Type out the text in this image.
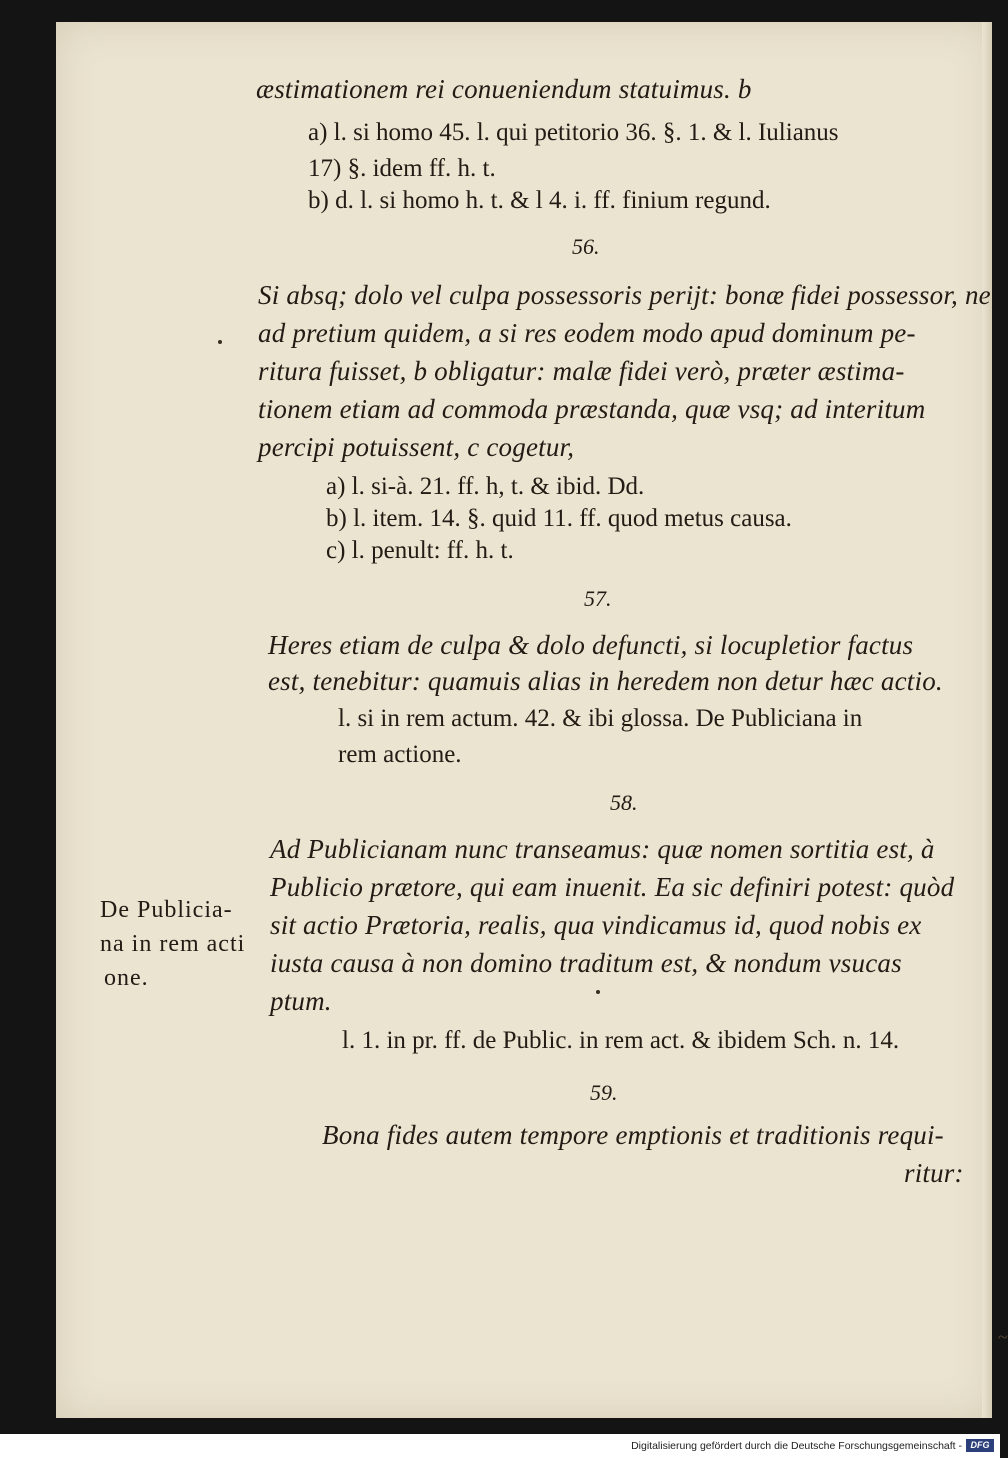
æstimationem rei conueniendum statuimus. b
a) l. si homo 45. l. qui petitorio 36. §. 1. & l. Iulianus
17) §. idem ff. h. t.
b) d. l. si homo h. t. & l 4. i. ff. finium regund.
56.
Si absq; dolo vel culpa possessoris perijt: bonæ fidei possessor, ne
ad pretium quidem, a si res eodem modo apud dominum pe-
ritura fuisset, b obligatur: malæ fidei verò, præter æstima-
tionem etiam ad commoda præstanda, quæ vsq; ad interitum
percipi potuissent, c cogetur,
a) l. si-à. 21. ff. h, t. & ibid. Dd.
b) l. item. 14. §. quid 11. ff. quod metus causa.
c) l. penult: ff. h. t.
57.
Heres etiam de culpa & dolo defuncti, si locupletior factus
est, tenebitur: quamuis alias in heredem non detur hæc actio.
l. si in rem actum. 42. & ibi glossa. De Publiciana in
rem actione.
58.
Ad Publicianam nunc transeamus: quæ nomen sortitia est, à
Publicio prætore, qui eam inuenit. Ea sic definiri potest: quòd
sit actio Prætoria, realis, qua vindicamus id, quod nobis ex
iusta causa à non domino traditum est, & nondum vsucas
ptum.
l. 1. in pr. ff. de Public. in rem act. & ibidem Sch. n. 14.
59.
Bona fides autem tempore emptionis et traditionis requi-
ritur:
De Publicia-
na in rem acti
one.
~
Digitalisierung gefördert durch die Deutsche Forschungsgemeinschaft - DFG
